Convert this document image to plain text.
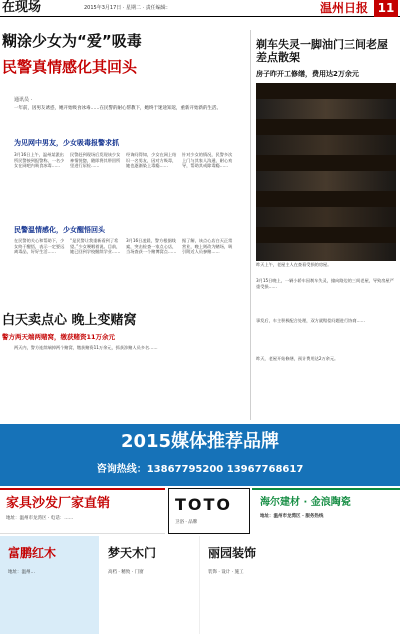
在现场	2015年3月17日 · 星期二 · 责任编辑：	温州日报 11
糊涂少女为“爱”吸毒
民警真情感化其回头
通讯员 ·
一年前，因男友诱惑，她开始吸食冰毒……在民警的耐心帮教下，她终于迷途知返，重新开始新的生活。
为见网中男友，少女吸毒报警求抓
民警温情感化，少女醒悟回头
3月16日上午，温州某派出所民警接到报警称，一名少女在网吧内吸食冰毒……
民警赶到现场后发现该少女神情恍惚，随即将其带回所里进行尿检……
经询问得知，少女在网上结识一名男友，因对方吸毒，她也逐渐染上毒瘾……
针对少女的情况，民警多次上门与其家人沟通，耐心劝导，帮助其戒除毒瘾……
在民警的关心和帮助下，少女终于醒悟，表示一定要远离毒品，好好生活……
“是民警让我重新看到了希望。”少女哽咽着说。目前，她已回到学校继续学业……
3月16日凌晨，警方根据线索，突击检查一家点心店，当场查获一个赌博窝点……
据了解，该点心店白天正常营业，晚上则改为赌场，吸引附近人员参赌……
剃车失灵一脚油门三间老屋差点散架
房子昨开工修缮，费用达2万余元
昨天上午，老屋主人在查看受损的房屋。
3月15日晚上，一辆小轿车因刹车失灵，撞向路边的三间老屋，导致房屋严重受损……
事发后，车主积极配合处理，双方就赔偿问题进行协商……
昨天，老屋开始修缮，预计费用达2万余元。
白天卖点心 晚上变赌窝
警方两天端两赌窝，缴获赌资11万余元
两天内，警方连续端掉两个赌窝，缴获赌资11万余元，抓获涉赌人员多名……
2015媒体推荐品牌
咨询热线：13867795200 13967768617
家具沙发厂家直销
地址：温州市龙湾区 · 电话：……
TOTO
卫浴 · 品牌
海尔建材 · 金浪陶瓷
地址：温州市龙湾区 · 服务热线
富鹏红木
地址：温州…
梦天木门
高档 · 精致 · 门窗
丽园装饰
装饰 · 设计 · 施工
